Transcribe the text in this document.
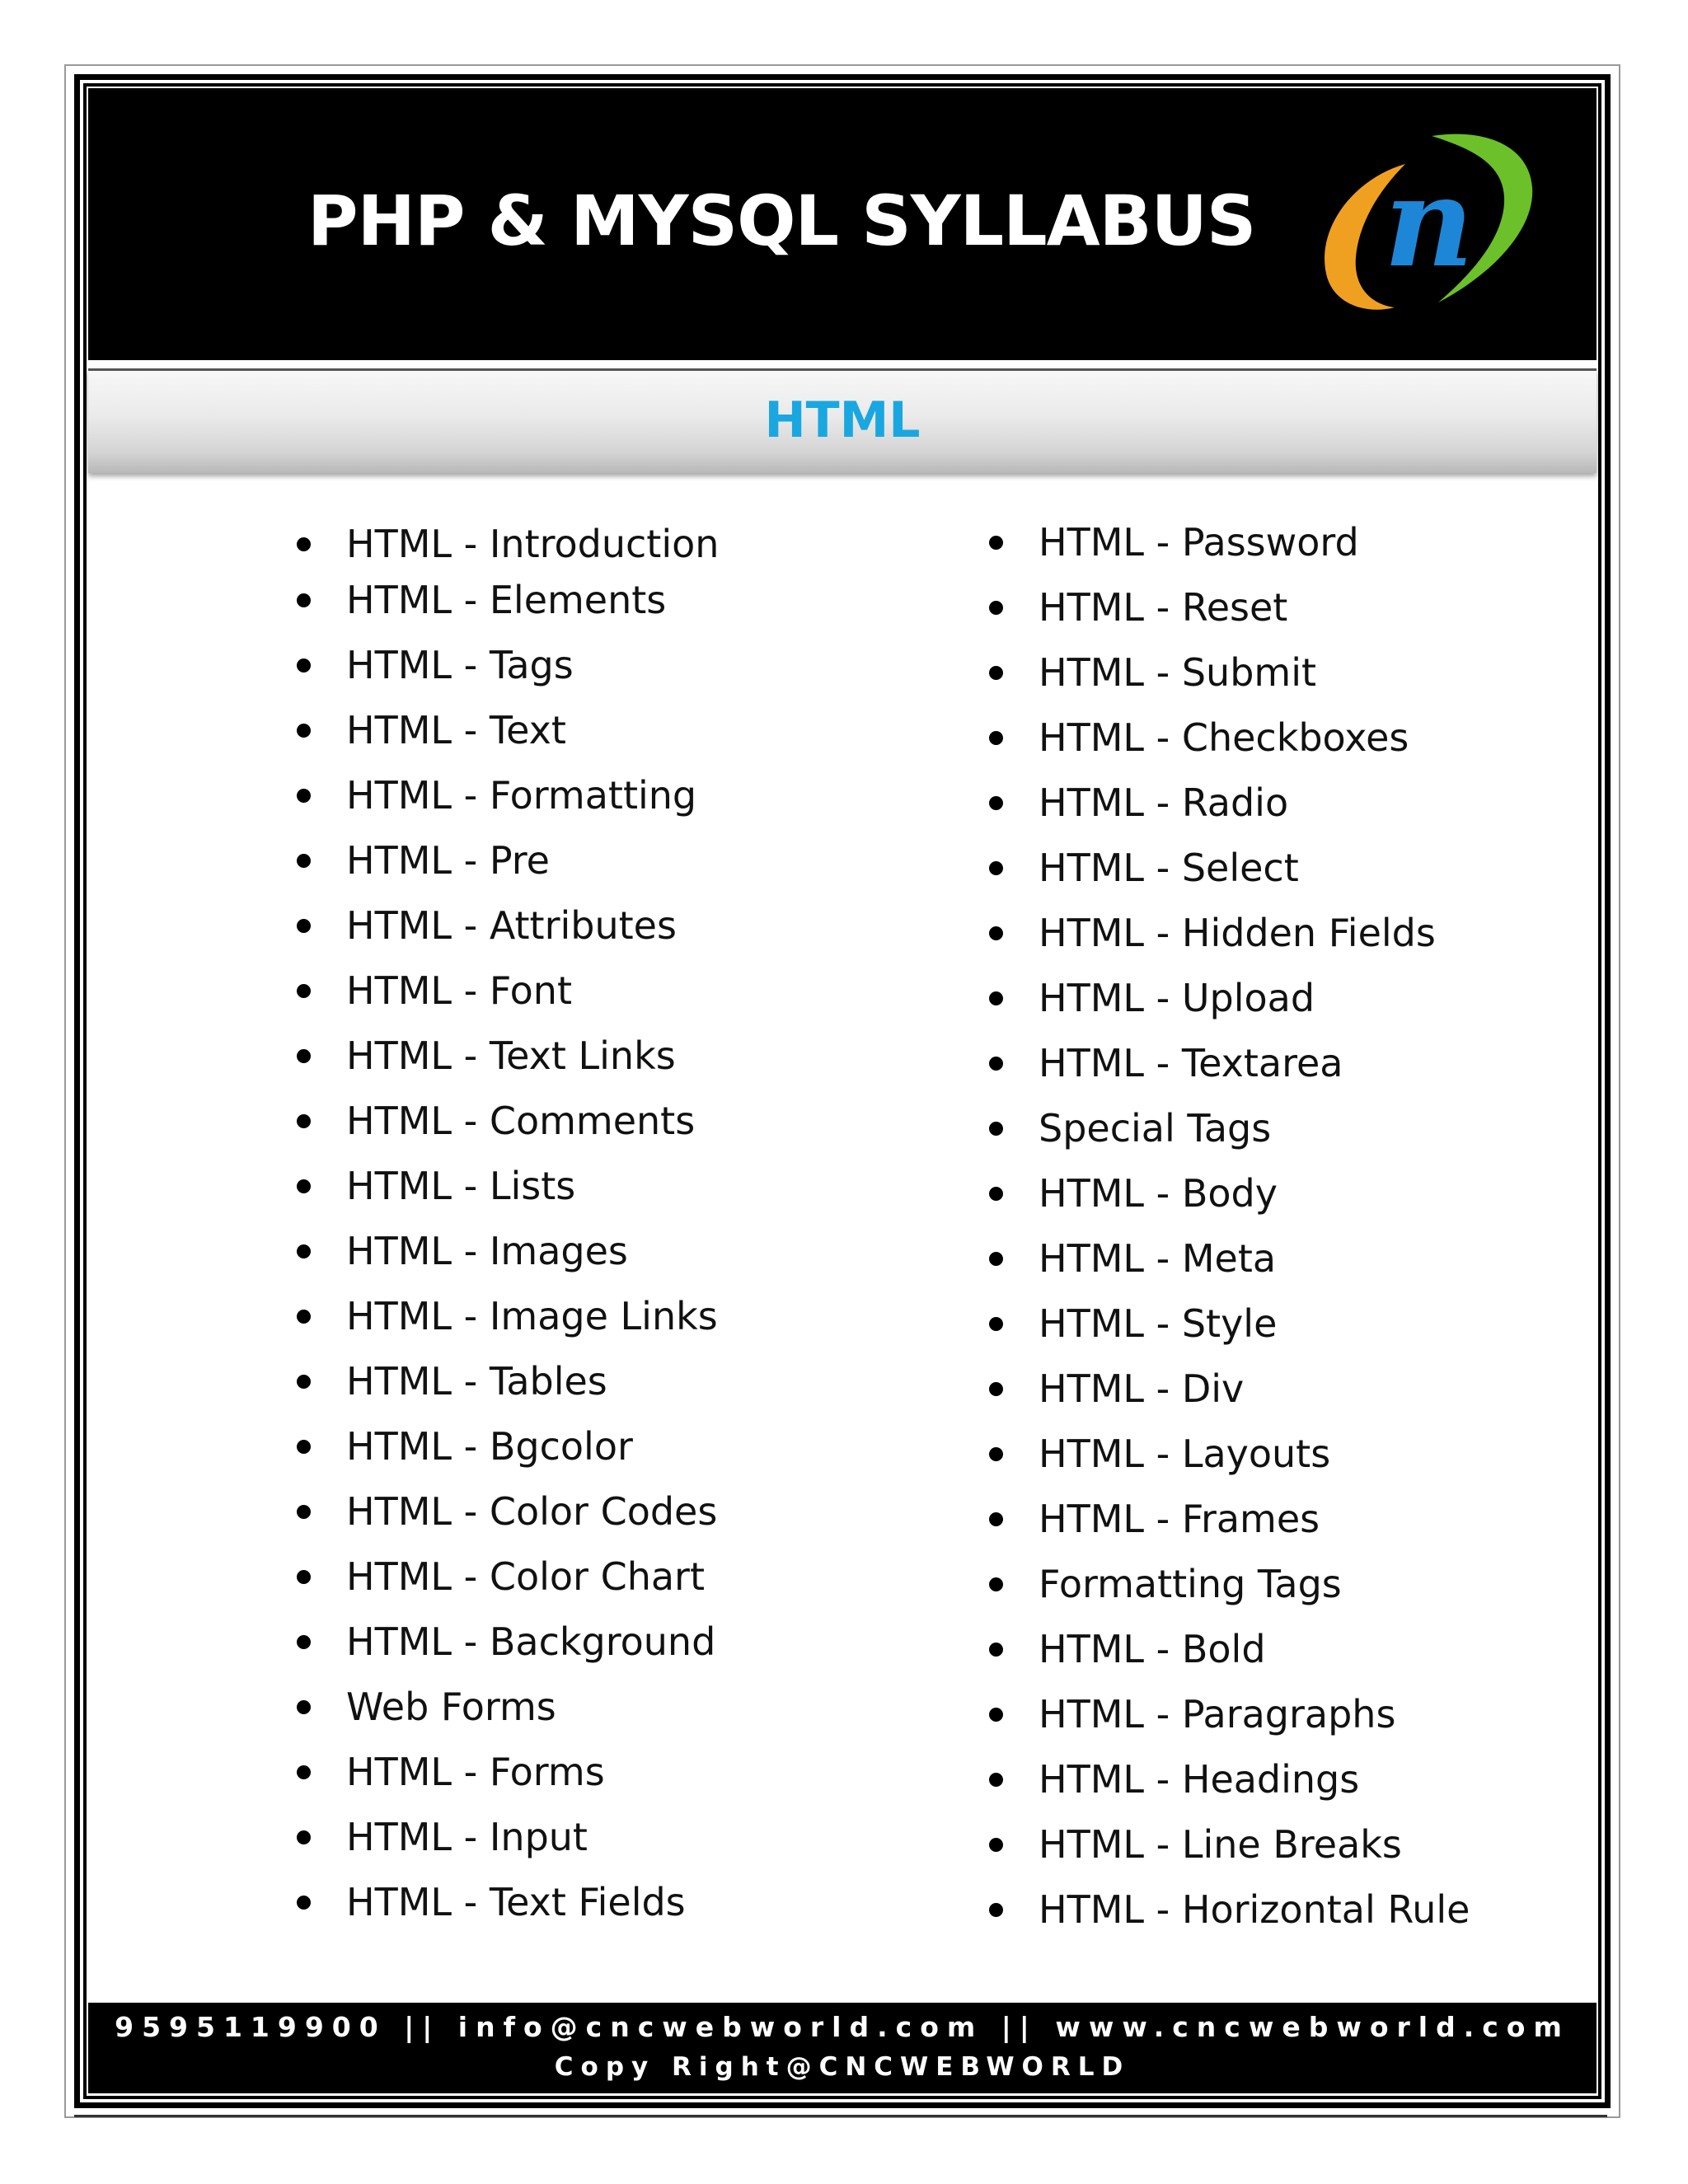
PHP & MYSQL SYLLABUS n
HTML
HTML - Introduction
HTML - Elements
HTML - Tags
HTML - Text
HTML - Formatting
HTML - Pre
HTML - Attributes
HTML - Font
HTML - Text Links
HTML - Comments
HTML - Lists
HTML - Images
HTML - Image Links
HTML - Tables
HTML - Bgcolor
HTML - Color Codes
HTML - Color Chart
HTML - Background
Web Forms
HTML - Forms
HTML - Input
HTML - Text Fields
HTML - Password
HTML - Reset
HTML - Submit
HTML - Checkboxes
HTML - Radio
HTML - Select
HTML - Hidden Fields
HTML - Upload
HTML - Textarea
Special Tags
HTML - Body
HTML - Meta
HTML - Style
HTML - Div
HTML - Layouts
HTML - Frames
Formatting Tags
HTML - Bold
HTML - Paragraphs
HTML - Headings
HTML - Line Breaks
HTML - Horizontal Rule
9595119900 || info@cncwebworld.com || www.cncwebworld.com
Copy Right@CNCWEBWORLD
